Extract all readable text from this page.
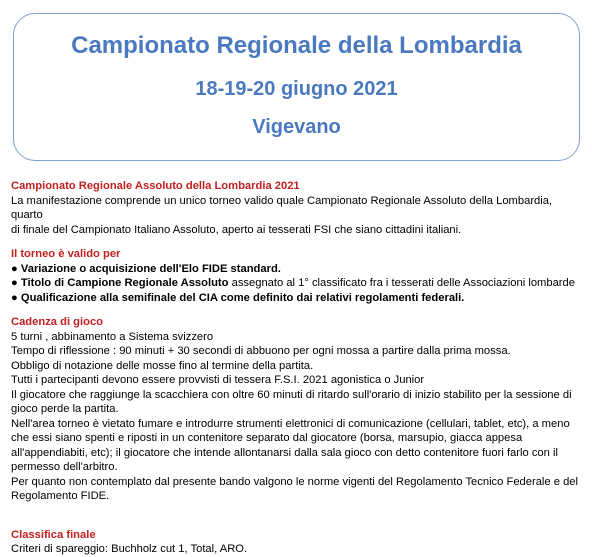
Campionato Regionale della Lombardia
18-19-20 giugno 2021
Vigevano

Campionato Regionale Assoluto della Lombardia 2021

La manifestazione comprende un unico torneo valido quale Campionato Regionale Assoluto della Lombardia, quarto

di finale del Campionato Italiano Assoluto, aperto ai tesserati FSI che siano cittadini italiani.

Il torneo è valido per

● Variazione o acquisizione dell'Elo FIDE standard.

● Titolo di Campione Regionale Assoluto assegnato al 1° classificato fra i tesserati delle Associazioni lombarde

● Qualificazione alla semifinale del CIA come definito dai relativi regolamenti federali.

Cadenza di gioco

5 turni , abbinamento a Sistema svizzero

Tempo di riflessione : 90 minuti + 30 secondi di abbuono per ogni mossa a partire dalla prima mossa.

Obbligo di notazione delle mosse fino al termine della partita.

Tutti i partecipanti devono essere provvisti di tessera F.S.I. 2021 agonistica o Junior

Il giocatore che raggiunge la scacchiera con oltre 60 minuti di ritardo sull'orario di inizio stabilito per la sessione di

gioco perde la partita.

Nell'area torneo è vietato fumare e introdurre strumenti elettronici di comunicazione (cellulari, tablet, etc), a meno

che essi siano spenti e riposti in un contenitore separato dal giocatore (borsa, marsupio, giacca appesa

all'appendiabiti, etc); il giocatore che intende allontanarsi dalla sala gioco con detto contenitore fuori farlo con il

permesso dell'arbitro.

Per quanto non contemplato dal presente bando valgono le norme vigenti del Regolamento Tecnico Federale e del

Regolamento FIDE.

Classifica finale

Criteri di spareggio: Buchholz cut 1, Total, ARO.
